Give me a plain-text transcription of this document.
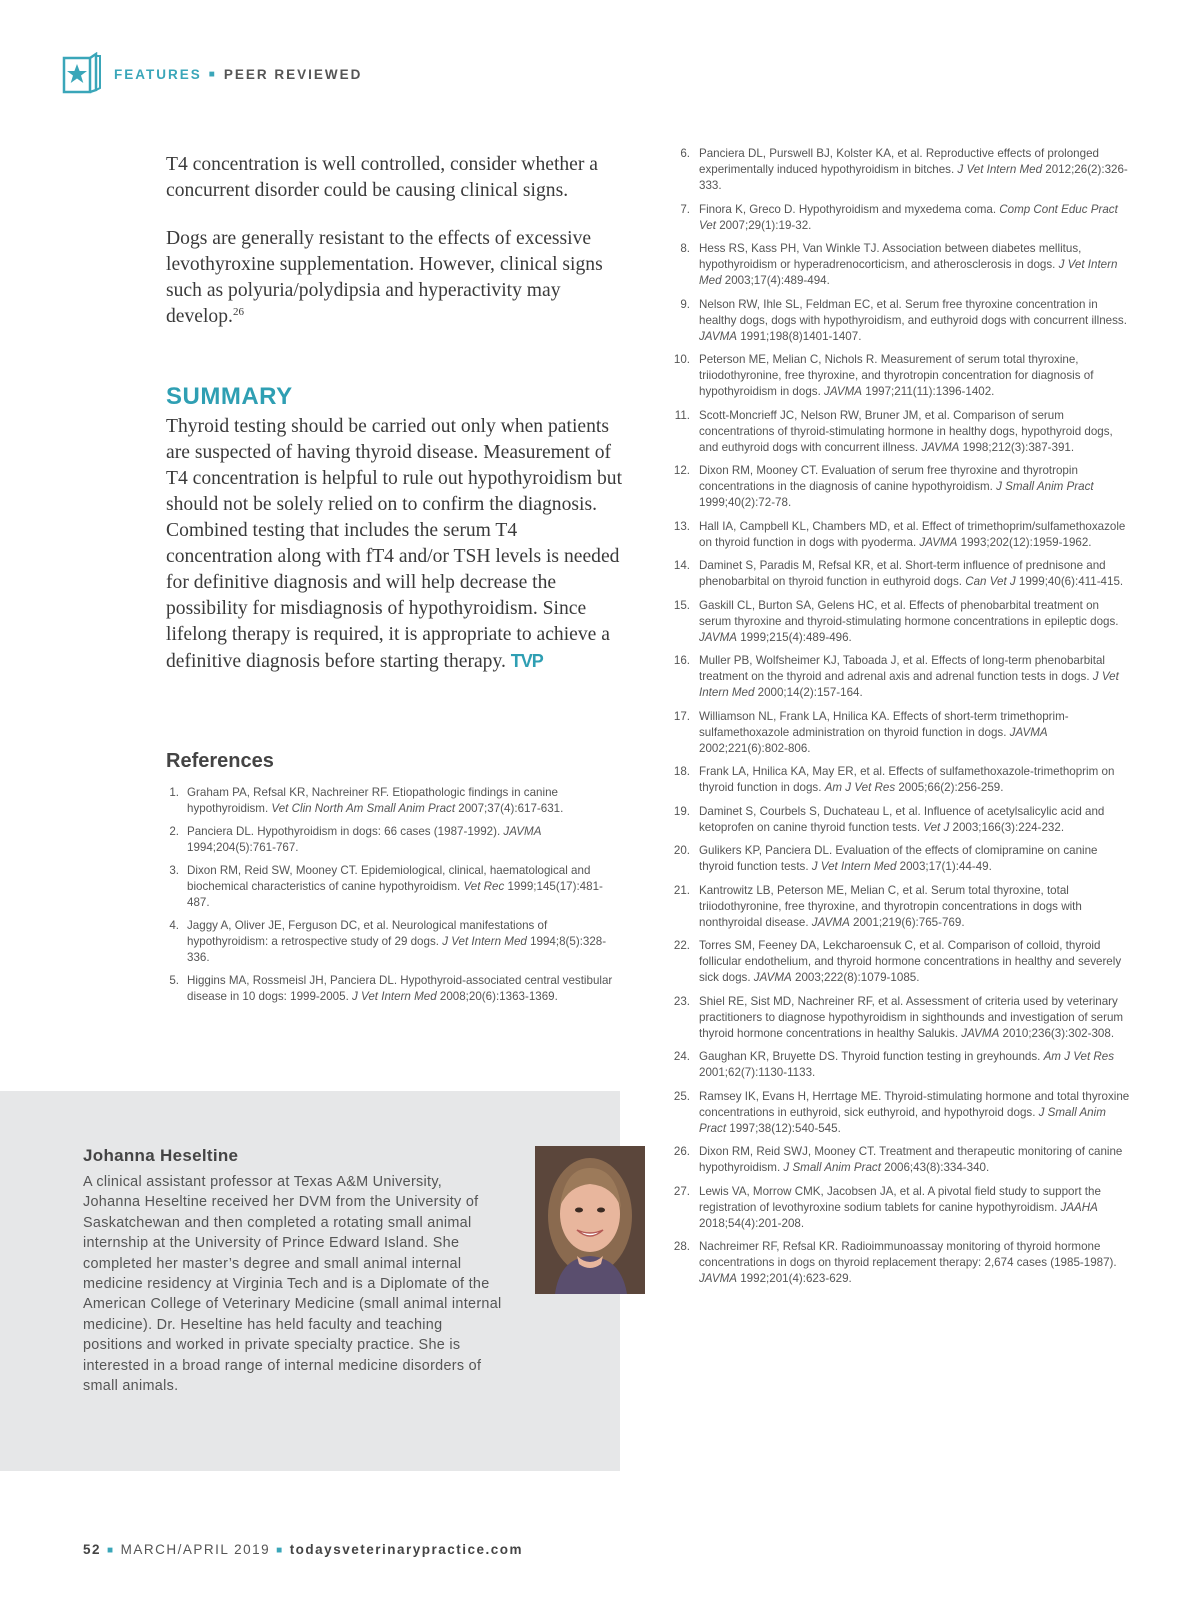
FEATURES ■ PEER REVIEWED

T4 concentration is well controlled, consider whether a concurrent disorder could be causing clinical signs.

Dogs are generally resistant to the effects of excessive levothyroxine supplementation. However, clinical signs such as polyuria/polydipsia and hyperactivity may develop.$^{26}$

SUMMARY

Thyroid testing should be carried out only when patients are suspected of having thyroid disease. Measurement of T4 concentration is helpful to rule out hypothyroidism but should not be solely relied on to confirm the diagnosis. Combined testing that includes the serum T4 concentration along with fT4 and/or TSH levels is needed for definitive diagnosis and will help decrease the possibility for misdiagnosis of hypothyroidism. Since lifelong therapy is required, it is appropriate to achieve a definitive diagnosis before starting therapy. TVP

References
1. Graham PA, Refsal KR, Nachreiner RF. Etiopathologic findings in canine hypothyroidism. Vet Clin North Am Small Anim Pract 2007;37(4):617-631.
2. Panciera DL. Hypothyroidism in dogs: 66 cases (1987-1992). JAVMA 1994;204(5):761-767.
3. Dixon RM, Reid SW, Mooney CT. Epidemiological, clinical, haematological and biochemical characteristics of canine hypothyroidism. Vet Rec 1999;145(17):481-487.
4. Jaggy A, Oliver JE, Ferguson DC, et al. Neurological manifestations of hypothyroidism: a retrospective study of 29 dogs. J Vet Intern Med 1994;8(5):328-336.
5. Higgins MA, Rossmeisl JH, Panciera DL. Hypothyroid-associated central vestibular disease in 10 dogs: 1999-2005. J Vet Intern Med 2008;20(6):1363-1369.
6. Panciera DL, Purswell BJ, Kolster KA, et al. Reproductive effects of prolonged experimentally induced hypothyroidism in bitches. J Vet Intern Med 2012;26(2):326-333.
7. Finora K, Greco D. Hypothyroidism and myxedema coma. Comp Cont Educ Pract Vet 2007;29(1):19-32.
8. Hess RS, Kass PH, Van Winkle TJ. Association between diabetes mellitus, hypothyroidism or hyperadrenocorticism, and atherosclerosis in dogs. J Vet Intern Med 2003;17(4):489-494.
9. Nelson RW, Ihle SL, Feldman EC, et al. Serum free thyroxine concentration in healthy dogs, dogs with hypothyroidism, and euthyroid dogs with concurrent illness. JAVMA 1991;198(8)1401-1407.
10. Peterson ME, Melian C, Nichols R. Measurement of serum total thyroxine, triiodothyronine, free thyroxine, and thyrotropin concentration for diagnosis of hypothyroidism in dogs. JAVMA 1997;211(11):1396-1402.
11. Scott-Moncrieff JC, Nelson RW, Bruner JM, et al. Comparison of serum concentrations of thyroid-stimulating hormone in healthy dogs, hypothyroid dogs, and euthyroid dogs with concurrent illness. JAVMA 1998;212(3):387-391.
12. Dixon RM, Mooney CT. Evaluation of serum free thyroxine and thyrotropin concentrations in the diagnosis of canine hypothyroidism. J Small Anim Pract 1999;40(2):72-78.
13. Hall IA, Campbell KL, Chambers MD, et al. Effect of trimethoprim/sulfamethoxazole on thyroid function in dogs with pyoderma. JAVMA 1993;202(12):1959-1962.
14. Daminet S, Paradis M, Refsal KR, et al. Short-term influence of prednisone and phenobarbital on thyroid function in euthyroid dogs. Can Vet J 1999;40(6):411-415.
15. Gaskill CL, Burton SA, Gelens HC, et al. Effects of phenobarbital treatment on serum thyroxine and thyroid-stimulating hormone concentrations in epileptic dogs. JAVMA 1999;215(4):489-496.
16. Muller PB, Wolfsheimer KJ, Taboada J, et al. Effects of long-term phenobarbital treatment on the thyroid and adrenal axis and adrenal function tests in dogs. J Vet Intern Med 2000;14(2):157-164.
17. Williamson NL, Frank LA, Hnilica KA. Effects of short-term trimethoprim-sulfamethoxazole administration on thyroid function in dogs. JAVMA 2002;221(6):802-806.
18. Frank LA, Hnilica KA, May ER, et al. Effects of sulfamethoxazole-trimethoprim on thyroid function in dogs. Am J Vet Res 2005;66(2):256-259.
19. Daminet S, Courbels S, Duchateau L, et al. Influence of acetylsalicylic acid and ketoprofen on canine thyroid function tests. Vet J 2003;166(3):224-232.
20. Gulikers KP, Panciera DL. Evaluation of the effects of clomipramine on canine thyroid function tests. J Vet Intern Med 2003;17(1):44-49.
21. Kantrowitz LB, Peterson ME, Melian C, et al. Serum total thyroxine, total triiodothyronine, free thyroxine, and thyrotropin concentrations in dogs with nonthyroidal disease. JAVMA 2001;219(6):765-769.
22. Torres SM, Feeney DA, Lekcharoensuk C, et al. Comparison of colloid, thyroid follicular endothelium, and thyroid hormone concentrations in healthy and severely sick dogs. JAVMA 2003;222(8):1079-1085.
23. Shiel RE, Sist MD, Nachreiner RF, et al. Assessment of criteria used by veterinary practitioners to diagnose hypothyroidism in sighthounds and investigation of serum thyroid hormone concentrations in healthy Salukis. JAVMA 2010;236(3):302-308.
24. Gaughan KR, Bruyette DS. Thyroid function testing in greyhounds. Am J Vet Res 2001;62(7):1130-1133.
25. Ramsey IK, Evans H, Herrtage ME. Thyroid-stimulating hormone and total thyroxine concentrations in euthyroid, sick euthyroid, and hypothyroid dogs. J Small Anim Pract 1997;38(12):540-545.
26. Dixon RM, Reid SWJ, Mooney CT. Treatment and therapeutic monitoring of canine hypothyroidism. J Small Anim Pract 2006;43(8):334-340.
27. Lewis VA, Morrow CMK, Jacobsen JA, et al. A pivotal field study to support the registration of levothyroxine sodium tablets for canine hypothyroidism. JAAHA 2018;54(4):201-208.
28. Nachreimer RF, Refsal KR. Radioimmunoassay monitoring of thyroid hormone concentrations in dogs on thyroid replacement therapy: 2,674 cases (1985-1987). JAVMA 1992;201(4):623-629.
Johanna Heseltine

A clinical assistant professor at Texas A&M University, Johanna Heseltine received her DVM from the University of Saskatchewan and then completed a rotating small animal internship at the University of Prince Edward Island. She completed her master’s degree and small animal internal medicine residency at Virginia Tech and is a Diplomate of the American College of Veterinary Medicine (small animal internal medicine). Dr. Heseltine has held faculty and teaching positions and worked in private specialty practice. She is interested in a broad range of internal medicine disorders of small animals.

52 ■ MARCH/APRIL 2019 ■ todaysveterinarypractice.com
